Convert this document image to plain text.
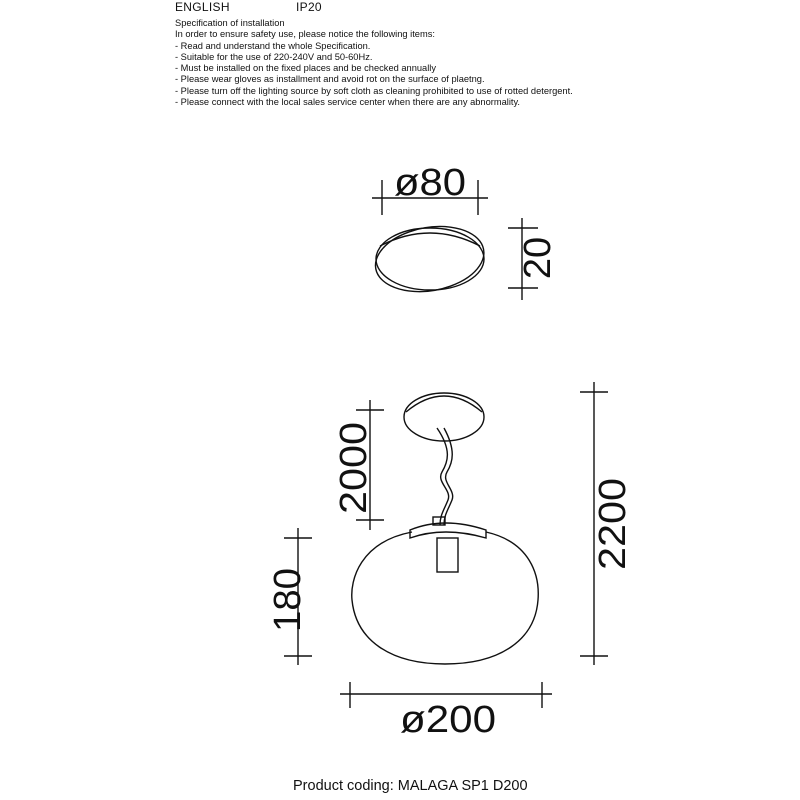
ENGLISH	IP20
Specification of installation
In order to ensure safety use, please notice the following items:
- Read and understand the whole Specification.
- Suitable for the use of 220-240V and 50-60Hz.
- Must be installed on the fixed places and be checked annually
- Please wear gloves as installment and avoid rot on the surface of plaetng.
- Please turn off the lighting source by soft cloth as cleaning prohibited to use of rotted detergent.
- Please connect with the local sales service center when there are any abnormality.
ø80
20
2000
2200
180
ø200
Product coding: MALAGA SP1 D200
